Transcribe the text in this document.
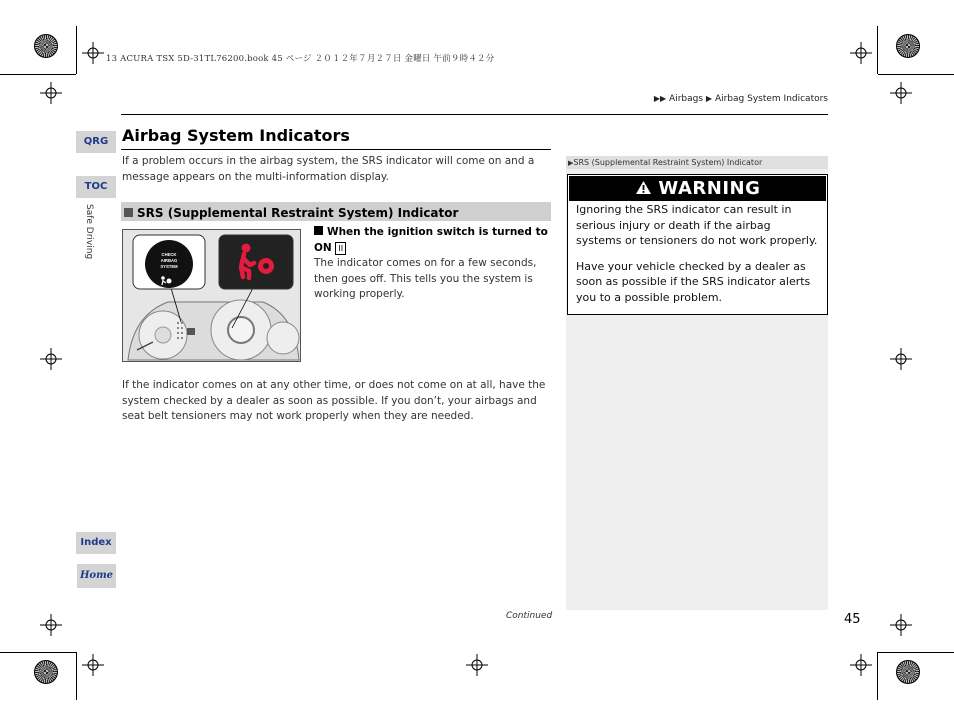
13 ACURA TSX 5D-31TL76200.book 45 ページ ２０１２年７月２７日 金曜日 午前９時４２分
▶▶ Airbags ▶ Airbag System Indicators
QRG
TOC
Safe Driving
Index
Home
Airbag System Indicators
If a problem occurs in the airbag system, the SRS indicator will come on and a message appears on the multi-information display.
SRS (Supplemental Restraint System) Indicator
CHECK
AIRBAG
SYSTEM
When the ignition switch is turned to ON II
The indicator comes on for a few seconds, then goes off. This tells you the system is working properly.
If the indicator comes on at any other time, or does not come on at all, have the system checked by a dealer as soon as possible. If you don’t, your airbags and seat belt tensioners may not work properly when they are needed.
Continued	45
▶SRS (Supplemental Restraint System) Indicator
WARNING
Ignoring the SRS indicator can result in serious injury or death if the airbag systems or tensioners do not work properly.
Have your vehicle checked by a dealer as soon as possible if the SRS indicator alerts you to a possible problem.
